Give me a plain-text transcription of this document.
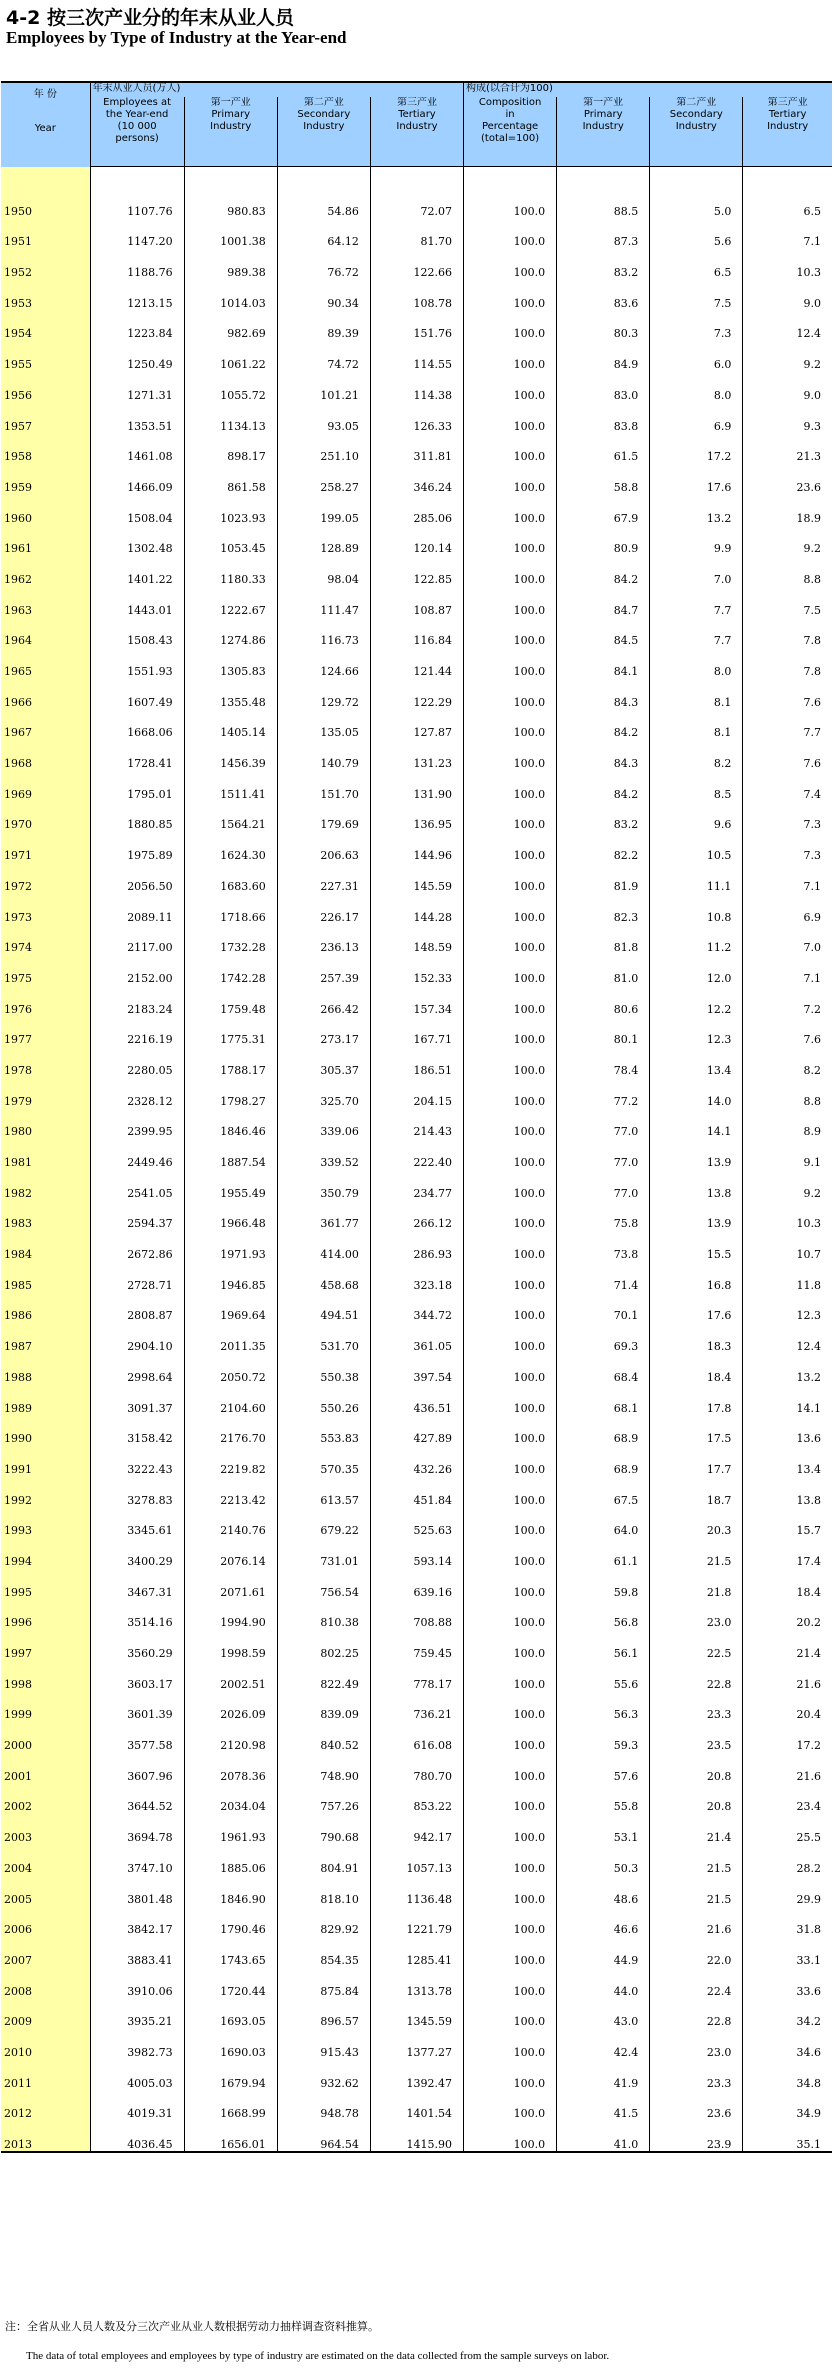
4-2 按三次产业分的年末从业人员
Employees by Type of Industry at the Year-end
年 份
Year	年末从业人员(万人)				构成(以合计为100)			

	Employees at
the Year-end
(10 000
persons)	第一产业
Primary
Industry	第二产业
Secondary
Industry	第三产业
Tertiary
Industry	Composition
in
Percentage
(total=100)	第一产业
Primary
Industry	第二产业
Secondary
Industry	第三产业
Tertiary
Industry

1950	1107.76	980.83	54.86	72.07	100.0	88.5	5.0	6.5
1951	1147.20	1001.38	64.12	81.70	100.0	87.3	5.6	7.1
1952	1188.76	989.38	76.72	122.66	100.0	83.2	6.5	10.3
1953	1213.15	1014.03	90.34	108.78	100.0	83.6	7.5	9.0
1954	1223.84	982.69	89.39	151.76	100.0	80.3	7.3	12.4
1955	1250.49	1061.22	74.72	114.55	100.0	84.9	6.0	9.2
1956	1271.31	1055.72	101.21	114.38	100.0	83.0	8.0	9.0
1957	1353.51	1134.13	93.05	126.33	100.0	83.8	6.9	9.3
1958	1461.08	898.17	251.10	311.81	100.0	61.5	17.2	21.3
1959	1466.09	861.58	258.27	346.24	100.0	58.8	17.6	23.6
1960	1508.04	1023.93	199.05	285.06	100.0	67.9	13.2	18.9
1961	1302.48	1053.45	128.89	120.14	100.0	80.9	9.9	9.2
1962	1401.22	1180.33	98.04	122.85	100.0	84.2	7.0	8.8
1963	1443.01	1222.67	111.47	108.87	100.0	84.7	7.7	7.5
1964	1508.43	1274.86	116.73	116.84	100.0	84.5	7.7	7.8
1965	1551.93	1305.83	124.66	121.44	100.0	84.1	8.0	7.8
1966	1607.49	1355.48	129.72	122.29	100.0	84.3	8.1	7.6
1967	1668.06	1405.14	135.05	127.87	100.0	84.2	8.1	7.7
1968	1728.41	1456.39	140.79	131.23	100.0	84.3	8.2	7.6
1969	1795.01	1511.41	151.70	131.90	100.0	84.2	8.5	7.4
1970	1880.85	1564.21	179.69	136.95	100.0	83.2	9.6	7.3
1971	1975.89	1624.30	206.63	144.96	100.0	82.2	10.5	7.3
1972	2056.50	1683.60	227.31	145.59	100.0	81.9	11.1	7.1
1973	2089.11	1718.66	226.17	144.28	100.0	82.3	10.8	6.9
1974	2117.00	1732.28	236.13	148.59	100.0	81.8	11.2	7.0
1975	2152.00	1742.28	257.39	152.33	100.0	81.0	12.0	7.1
1976	2183.24	1759.48	266.42	157.34	100.0	80.6	12.2	7.2
1977	2216.19	1775.31	273.17	167.71	100.0	80.1	12.3	7.6
1978	2280.05	1788.17	305.37	186.51	100.0	78.4	13.4	8.2
1979	2328.12	1798.27	325.70	204.15	100.0	77.2	14.0	8.8
1980	2399.95	1846.46	339.06	214.43	100.0	77.0	14.1	8.9
1981	2449.46	1887.54	339.52	222.40	100.0	77.0	13.9	9.1
1982	2541.05	1955.49	350.79	234.77	100.0	77.0	13.8	9.2
1983	2594.37	1966.48	361.77	266.12	100.0	75.8	13.9	10.3
1984	2672.86	1971.93	414.00	286.93	100.0	73.8	15.5	10.7
1985	2728.71	1946.85	458.68	323.18	100.0	71.4	16.8	11.8
1986	2808.87	1969.64	494.51	344.72	100.0	70.1	17.6	12.3
1987	2904.10	2011.35	531.70	361.05	100.0	69.3	18.3	12.4
1988	2998.64	2050.72	550.38	397.54	100.0	68.4	18.4	13.2
1989	3091.37	2104.60	550.26	436.51	100.0	68.1	17.8	14.1
1990	3158.42	2176.70	553.83	427.89	100.0	68.9	17.5	13.6
1991	3222.43	2219.82	570.35	432.26	100.0	68.9	17.7	13.4
1992	3278.83	2213.42	613.57	451.84	100.0	67.5	18.7	13.8
1993	3345.61	2140.76	679.22	525.63	100.0	64.0	20.3	15.7
1994	3400.29	2076.14	731.01	593.14	100.0	61.1	21.5	17.4
1995	3467.31	2071.61	756.54	639.16	100.0	59.8	21.8	18.4
1996	3514.16	1994.90	810.38	708.88	100.0	56.8	23.0	20.2
1997	3560.29	1998.59	802.25	759.45	100.0	56.1	22.5	21.4
1998	3603.17	2002.51	822.49	778.17	100.0	55.6	22.8	21.6
1999	3601.39	2026.09	839.09	736.21	100.0	56.3	23.3	20.4
2000	3577.58	2120.98	840.52	616.08	100.0	59.3	23.5	17.2
2001	3607.96	2078.36	748.90	780.70	100.0	57.6	20.8	21.6
2002	3644.52	2034.04	757.26	853.22	100.0	55.8	20.8	23.4
2003	3694.78	1961.93	790.68	942.17	100.0	53.1	21.4	25.5
2004	3747.10	1885.06	804.91	1057.13	100.0	50.3	21.5	28.2
2005	3801.48	1846.90	818.10	1136.48	100.0	48.6	21.5	29.9
2006	3842.17	1790.46	829.92	1221.79	100.0	46.6	21.6	31.8
2007	3883.41	1743.65	854.35	1285.41	100.0	44.9	22.0	33.1
2008	3910.06	1720.44	875.84	1313.78	100.0	44.0	22.4	33.6
2009	3935.21	1693.05	896.57	1345.59	100.0	43.0	22.8	34.2
2010	3982.73	1690.03	915.43	1377.27	100.0	42.4	23.0	34.6
2011	4005.03	1679.94	932.62	1392.47	100.0	41.9	23.3	34.8
2012	4019.31	1668.99	948.78	1401.54	100.0	41.5	23.6	34.9
2013	4036.45	1656.01	964.54	1415.90	100.0	41.0	23.9	35.1
注：全省从业人员人数及分三次产业从业人数根据劳动力抽样调查资料推算。
The data of total employees and employees by type of industry are estimated on the data collected from the sample surveys on labor.
